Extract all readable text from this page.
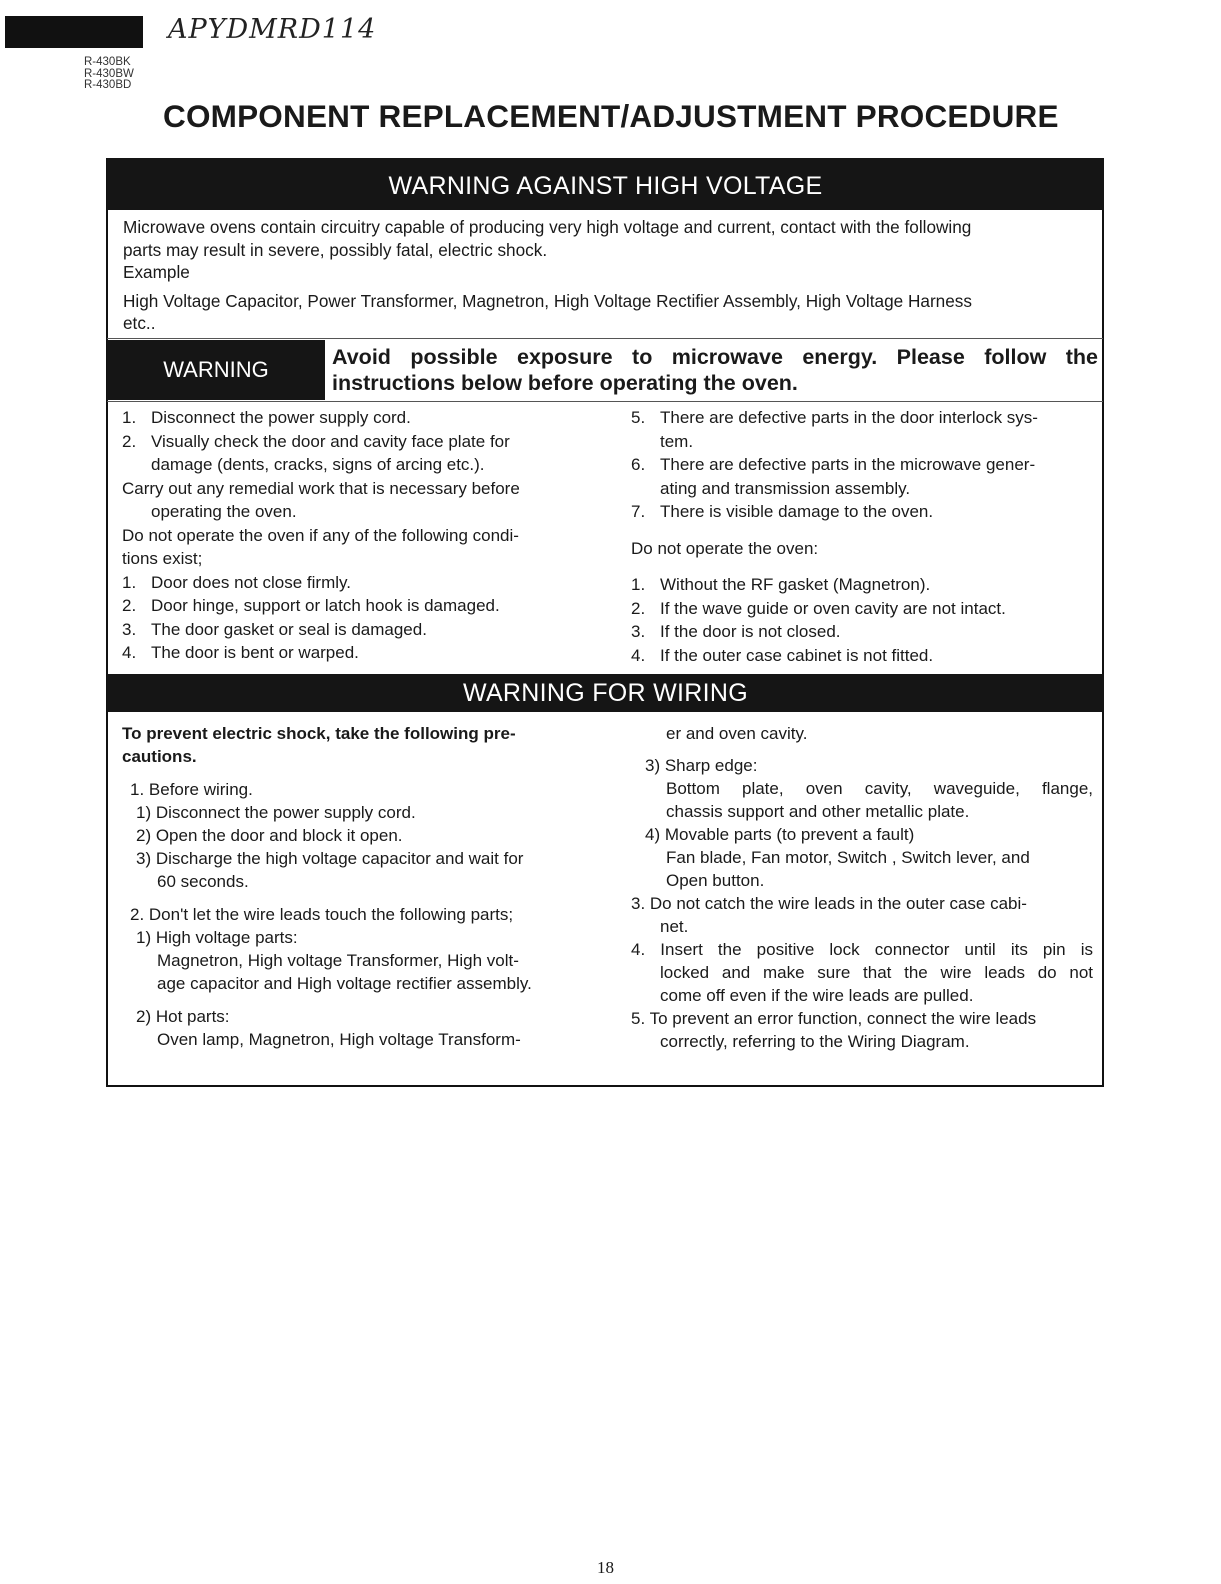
APYDMRD114
R-430BK
R-430BW
R-430BD
COMPONENT REPLACEMENT/ADJUSTMENT PROCEDURE
WARNING AGAINST HIGH VOLTAGE

Microwave ovens contain circuitry capable of producing very high voltage and current, contact with the following

parts may result in severe, possibly fatal, electric shock.

Example

High Voltage Capacitor, Power Transformer, Magnetron, High Voltage Rectifier Assembly, High Voltage Harness

etc..

WARNING	Avoid possible exposure to microwave energy. Please follow the
instructions below before operating the oven.
1. Disconnect the power supply cord.
2. Visually check the door and cavity face plate for
damage (dents, cracks, signs of arcing etc.).
Carry out any remedial work that is necessary before
operating the oven.
Do not operate the oven if any of the following condi-
tions exist;
1. Door does not close firmly.
2. Door hinge, support or latch hook is damaged.
3. The door gasket or seal is damaged.
4. The door is bent or warped.
5. There are defective parts in the door interlock sys-
tem.
6. There are defective parts in the microwave gener-
ating and transmission assembly.
7. There is visible damage to the oven.
Do not operate the oven:
1. Without the RF gasket (Magnetron).
2. If the wave guide or oven cavity are not intact.
3. If the door is not closed.
4. If the outer case cabinet is not fitted.
WARNING FOR WIRING
To prevent electric shock, take the following pre-
cautions.
1. Before wiring.
1) Disconnect the power supply cord.
2) Open the door and block it open.
3) Discharge the high voltage capacitor and wait for
60 seconds.
2. Don't let the wire leads touch the following parts;
1) High voltage parts:
Magnetron, High voltage Transformer, High volt-
age capacitor and High voltage rectifier assembly.
2) Hot parts:
Oven lamp, Magnetron, High voltage Transform-
er and oven cavity.
3) Sharp edge:
Bottom plate, oven cavity, waveguide, flange,
chassis support and other metallic plate.
4) Movable parts (to prevent a fault)
Fan blade, Fan motor, Switch , Switch lever, and
Open button.
3. Do not catch the wire leads in the outer case cabi-
net.
4. Insert the positive lock connector until its pin is
locked and make sure that the wire leads do not
come off even if the wire leads are pulled.
5. To prevent an error function, connect the wire leads
correctly, referring to the Wiring Diagram.
18
